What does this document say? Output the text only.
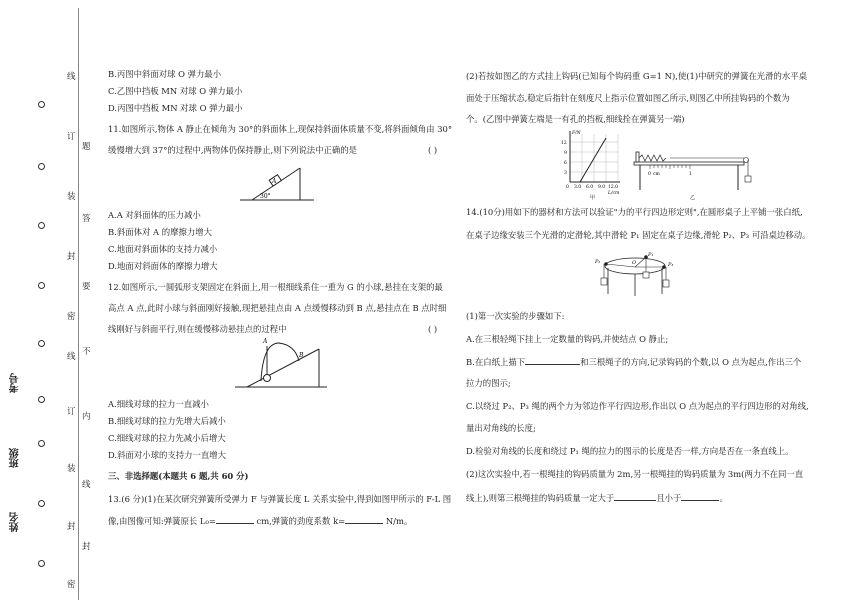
线
订
装
封
密
线
订
装
封
密
题
答
要
不
内
线
封
考号
班级
姓名

B.丙图中斜面对球 O 弹力最小

C.乙图中挡板 MN 对球 O 弹力最小

D.丙图中挡板 MN 对球 O 弹力最小

11.如图所示,物体 A 静止在倾角为 30°的斜面体上,现保持斜面体质量不变,将斜面倾角由 30°

缓慢增大到 37°的过程中,两物体仍保持静止,则下列说法中正确的是	( )

A
30°

A.A 对斜面体的压力减小

B.斜面体对 A 的摩擦力增大

C.地面对斜面体的支持力减小

D.地面对斜面体的摩擦力增大

12.如图所示,一圆弧形支架固定在斜面上,用一根细线系住一重为 G 的小球,悬挂在支架的最

高点 A 点,此时小球与斜面刚好接触,现把悬挂点由 A 点缓慢移动到 B 点,悬挂点在 B 点时细

线刚好与斜面平行,则在缓慢移动悬挂点的过程中	( )

A
B

A.细线对球的拉力一直减小

B.细线对球的拉力先增大后减小

C.细线对球的拉力先减小后增大

D.斜面对小球的支持力一直增大

三、非选择题(本题共 6 题,共 60 分)

13.(6 分)(1)在某次研究弹簧所受弹力 F 与弹簧长度 L 关系实验中,得到如图甲所示的 F-L 图

像,由图像可知:弹簧原长 L₀=	cm,弹簧的劲度系数 k=	N/m。

(2)若按如图乙的方式挂上钩码(已知每个钩码重 G=1 N),使(1)中研究的弹簧在光滑的水平桌

面处于压缩状态,稳定后指针在刻度尺上指示位置如图乙所示,则图乙中所挂钩码的个数为

个。(乙图中弹簧左端是一有孔的挡板,细线拴在弹簧另一端)

F/N
12
9
6
3
0 3.0 6.0 9.0 12.0
L/cm
甲
0 cm	1
乙

14.(10分)用如下的器材和方法可以验证"力的平行四边形定则",在圆形桌子上平铺一张白纸,

在桌子边缘安装三个光滑的定滑轮,其中滑轮 P₁ 固定在桌子边缘,滑轮 P₂、P₃ 可沿桌边移动。

P₂
P₁
P₃
O

(1)第一次实验的步骤如下:

A.在三根轻绳下挂上一定数量的钩码,并使结点 O 静止;

B.在白纸上描下	和三根绳子的方向,记录钩码的个数,以 O 点为起点,作出三个

拉力的图示;

C.以绕过 P₂、P₃ 绳的两个力为邻边作平行四边形,作出以 O 点为起点的平行四边形的对角线,

量出对角线的长度;

D.检验对角线的长度和绕过 P₁ 绳的拉力的图示的长度是否一样,方向是否在一条直线上。

(2)这次实验中,若一根绳挂的钩码质量为 2m,另一根绳挂的钩码质量为 3m(两力不在同一直

线上),则第三根绳挂的钩码质量一定大于	且小于	。
